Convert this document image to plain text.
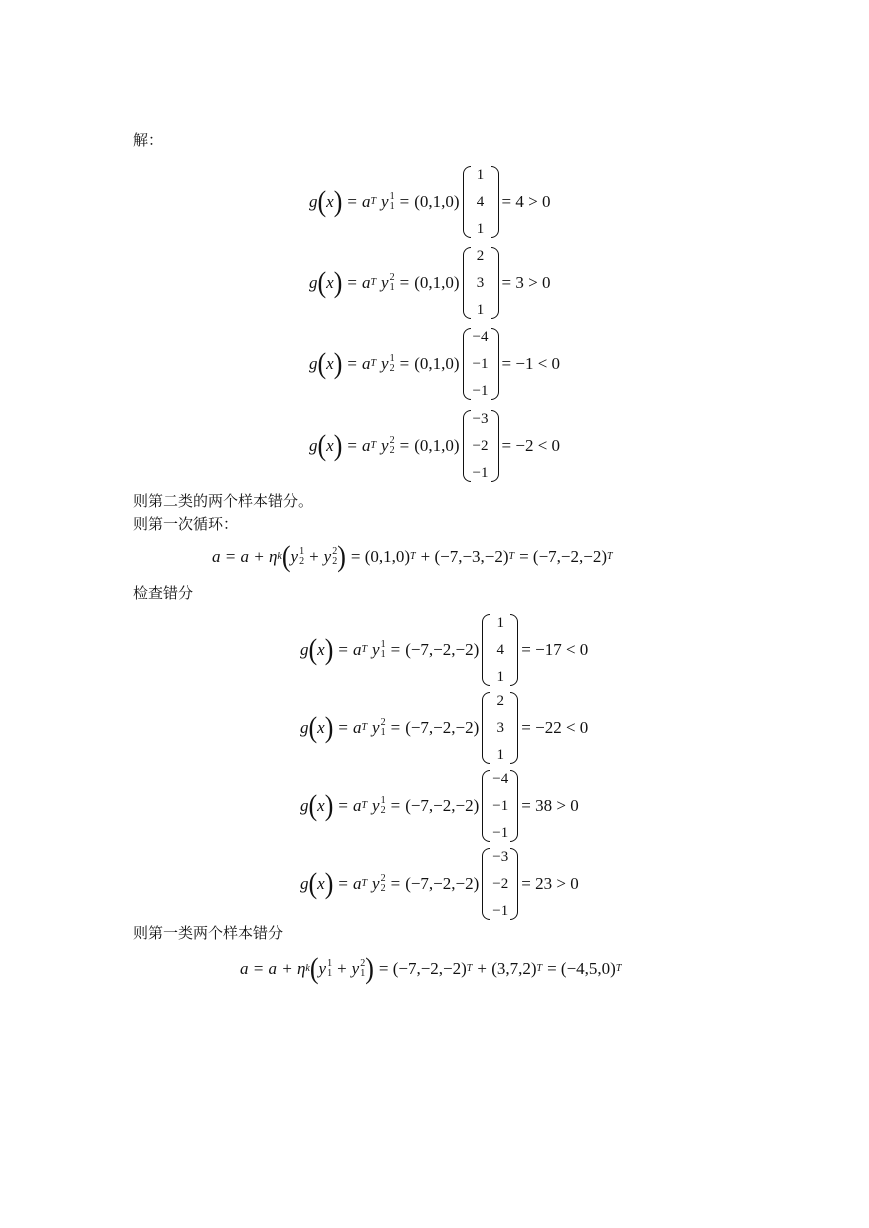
解：
g ( x ) = a T y 1
1 = (0,1,0)
1
4
1
= 4 > 0
g ( x ) = a T y 2
1 = (0,1,0)
2
3
1
= 3 > 0
g ( x ) = a T y 1
2 = (0,1,0)
−4
−1
−1
= −1 < 0
g ( x ) = a T y 2
2 = (0,1,0)
−3
−2
−1
= −2 < 0
则第二类的两个样本错分。
则第一次循环：
a = a + η k ( y 1
2 + y 2
2 ) = (0,1,0) T + (−7,−3,−2) T = (−7,−2,−2) T
检查错分
g ( x ) = a T y 1
1 = (−7,−2,−2)
1
4
1
= −17 < 0
g ( x ) = a T y 2
1 = (−7,−2,−2)
2
3
1
= −22 < 0
g ( x ) = a T y 1
2 = (−7,−2,−2)
−4
−1
−1
= 38 > 0
g ( x ) = a T y 2
2 = (−7,−2,−2)
−3
−2
−1
= 23 > 0
则第一类两个样本错分
a = a + η k ( y 1
1 + y 2
1 ) = (−7,−2,−2) T + (3,7,2) T = (−4,5,0) T
